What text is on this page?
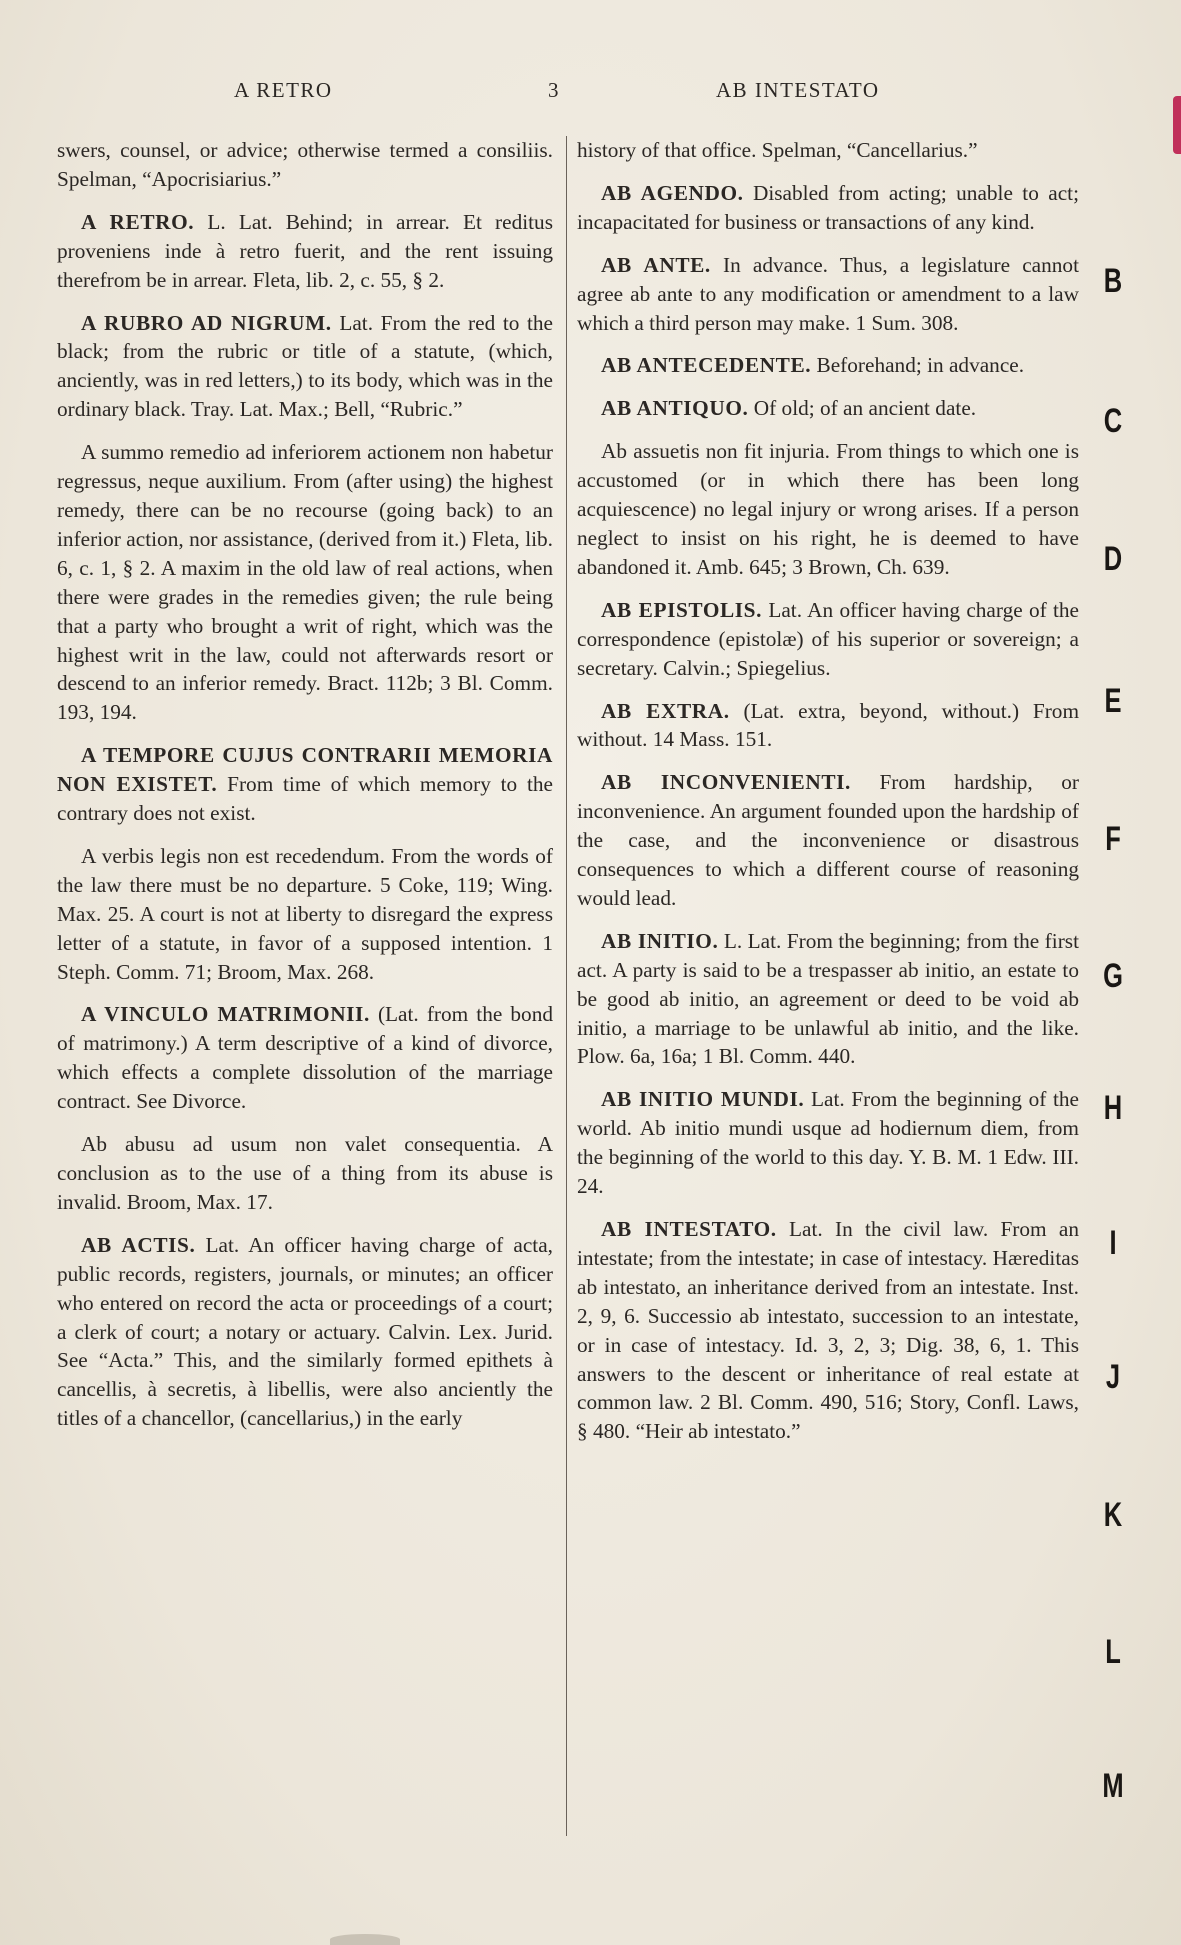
A RETRO	3	AB INTESTATO

swers, counsel, or advice; otherwise termed a consiliis. Spelman, “Apocrisiarius.”

A RETRO. L. Lat. Behind; in arrear. Et reditus proveniens inde à retro fuerit, and the rent issuing therefrom be in arrear. Fleta, lib. 2, c. 55, § 2.

A RUBRO AD NIGRUM. Lat. From the red to the black; from the rubric or title of a statute, (which, anciently, was in red letters,) to its body, which was in the ordinary black. Tray. Lat. Max.; Bell, “Rubric.”

A summo remedio ad inferiorem actionem non habetur regressus, neque auxilium. From (after using) the highest remedy, there can be no recourse (going back) to an inferior action, nor assistance, (derived from it.) Fleta, lib. 6, c. 1, § 2. A maxim in the old law of real actions, when there were grades in the remedies given; the rule being that a party who brought a writ of right, which was the highest writ in the law, could not afterwards resort or descend to an inferior remedy. Bract. 112b; 3 Bl. Comm. 193, 194.

A TEMPORE CUJUS CONTRARII MEMORIA NON EXISTET. From time of which memory to the contrary does not exist.

A verbis legis non est recedendum. From the words of the law there must be no departure. 5 Coke, 119; Wing. Max. 25. A court is not at liberty to disregard the express letter of a statute, in favor of a supposed intention. 1 Steph. Comm. 71; Broom, Max. 268.

A VINCULO MATRIMONII. (Lat. from the bond of matrimony.) A term descriptive of a kind of divorce, which effects a complete dissolution of the marriage contract. See Divorce.

Ab abusu ad usum non valet consequentia. A conclusion as to the use of a thing from its abuse is invalid. Broom, Max. 17.

AB ACTIS. Lat. An officer having charge of acta, public records, registers, journals, or minutes; an officer who entered on record the acta or proceedings of a court; a clerk of court; a notary or actuary. Calvin. Lex. Jurid. See “Acta.” This, and the similarly formed epithets à cancellis, à secretis, à libellis, were also anciently the titles of a chancellor, (cancellarius,) in the early

history of that office. Spelman, “Cancellarius.”

AB AGENDO. Disabled from acting; unable to act; incapacitated for business or transactions of any kind.

AB ANTE. In advance. Thus, a legislature cannot agree ab ante to any modification or amendment to a law which a third person may make. 1 Sum. 308.

AB ANTECEDENTE. Beforehand; in advance.

AB ANTIQUO. Of old; of an ancient date.

Ab assuetis non fit injuria. From things to which one is accustomed (or in which there has been long acquiescence) no legal injury or wrong arises. If a person neglect to insist on his right, he is deemed to have abandoned it. Amb. 645; 3 Brown, Ch. 639.

AB EPISTOLIS. Lat. An officer having charge of the correspondence (epistolæ) of his superior or sovereign; a secretary. Calvin.; Spiegelius.

AB EXTRA. (Lat. extra, beyond, without.) From without. 14 Mass. 151.

AB INCONVENIENTI. From hardship, or inconvenience. An argument founded upon the hardship of the case, and the inconvenience or disastrous consequences to which a different course of reasoning would lead.

AB INITIO. L. Lat. From the beginning; from the first act. A party is said to be a trespasser ab initio, an estate to be good ab initio, an agreement or deed to be void ab initio, a marriage to be unlawful ab initio, and the like. Plow. 6a, 16a; 1 Bl. Comm. 440.

AB INITIO MUNDI. Lat. From the beginning of the world. Ab initio mundi usque ad hodiernum diem, from the beginning of the world to this day. Y. B. M. 1 Edw. III. 24.

AB INTESTATO. Lat. In the civil law. From an intestate; from the intestate; in case of intestacy. Hæreditas ab intestato, an inheritance derived from an intestate. Inst. 2, 9, 6. Successio ab intestato, succession to an intestate, or in case of intestacy. Id. 3, 2, 3; Dig. 38, 6, 1. This answers to the descent or inheritance of real estate at common law. 2 Bl. Comm. 490, 516; Story, Confl. Laws, § 480. “Heir ab intestato.”

B
C
D
E
F
G
H
I
J
K
L
M
